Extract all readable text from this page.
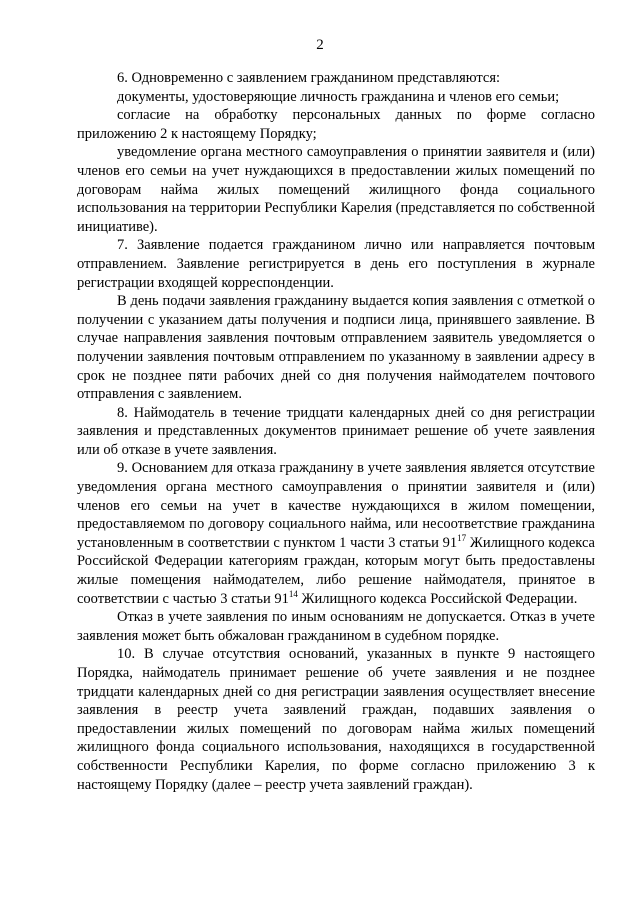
2

6. Одновременно с заявлением гражданином представляются:

документы, удостоверяющие личность гражданина и членов его семьи;

согласие на обработку персональных данных по форме согласно приложению 2 к настоящему Порядку;

уведомление органа местного самоуправления о принятии заявителя и (или) членов его семьи на учет нуждающихся в предоставлении жилых помещений по договорам найма жилых помещений жилищного фонда социального использования на территории Республики Карелия (представляется по собственной инициативе).

7. Заявление подается гражданином лично или направляется почтовым отправлением. Заявление регистрируется в день его поступления в журнале регистрации входящей корреспонденции.

В день подачи заявления гражданину выдается копия заявления с отметкой о получении с указанием даты получения и подписи лица, принявшего заявление. В случае направления заявления почтовым отправлением заявитель уведомляется о получении заявления почтовым отправлением по указанному в заявлении адресу в срок не позднее пяти рабочих дней со дня получения наймодателем почтового отправления с заявлением.

8. Наймодатель в течение тридцати календарных дней со дня регистрации заявления и представленных документов принимает решение об учете заявления или об отказе в учете заявления.

9. Основанием для отказа гражданину в учете заявления является отсутствие уведомления органа местного самоуправления о принятии заявителя и (или) членов его семьи на учет в качестве нуждающихся в жилом помещении, предоставляемом по договору социального найма, или несоответствие гражданина установленным в соответствии с пунктом 1 части 3 статьи $91^{17}$ Жилищного кодекса Российской Федерации категориям граждан, которым могут быть предоставлены жилые помещения наймодателем, либо решение наймодателя, принятое в соответствии с частью 3 статьи $91^{14}$ Жилищного кодекса Российской Федерации.

Отказ в учете заявления по иным основаниям не допускается. Отказ в учете заявления может быть обжалован гражданином в судебном порядке.

10. В случае отсутствия оснований, указанных в пункте 9 настоящего Порядка, наймодатель принимает решение об учете заявления и не позднее тридцати календарных дней со дня регистрации заявления осуществляет внесение заявления в реестр учета заявлений граждан, подавших заявления о предоставлении жилых помещений по договорам найма жилых помещений жилищного фонда социального использования, находящихся в государственной собственности Республики Карелия, по форме согласно приложению 3 к настоящему Порядку (далее – реестр учета заявлений граждан).
